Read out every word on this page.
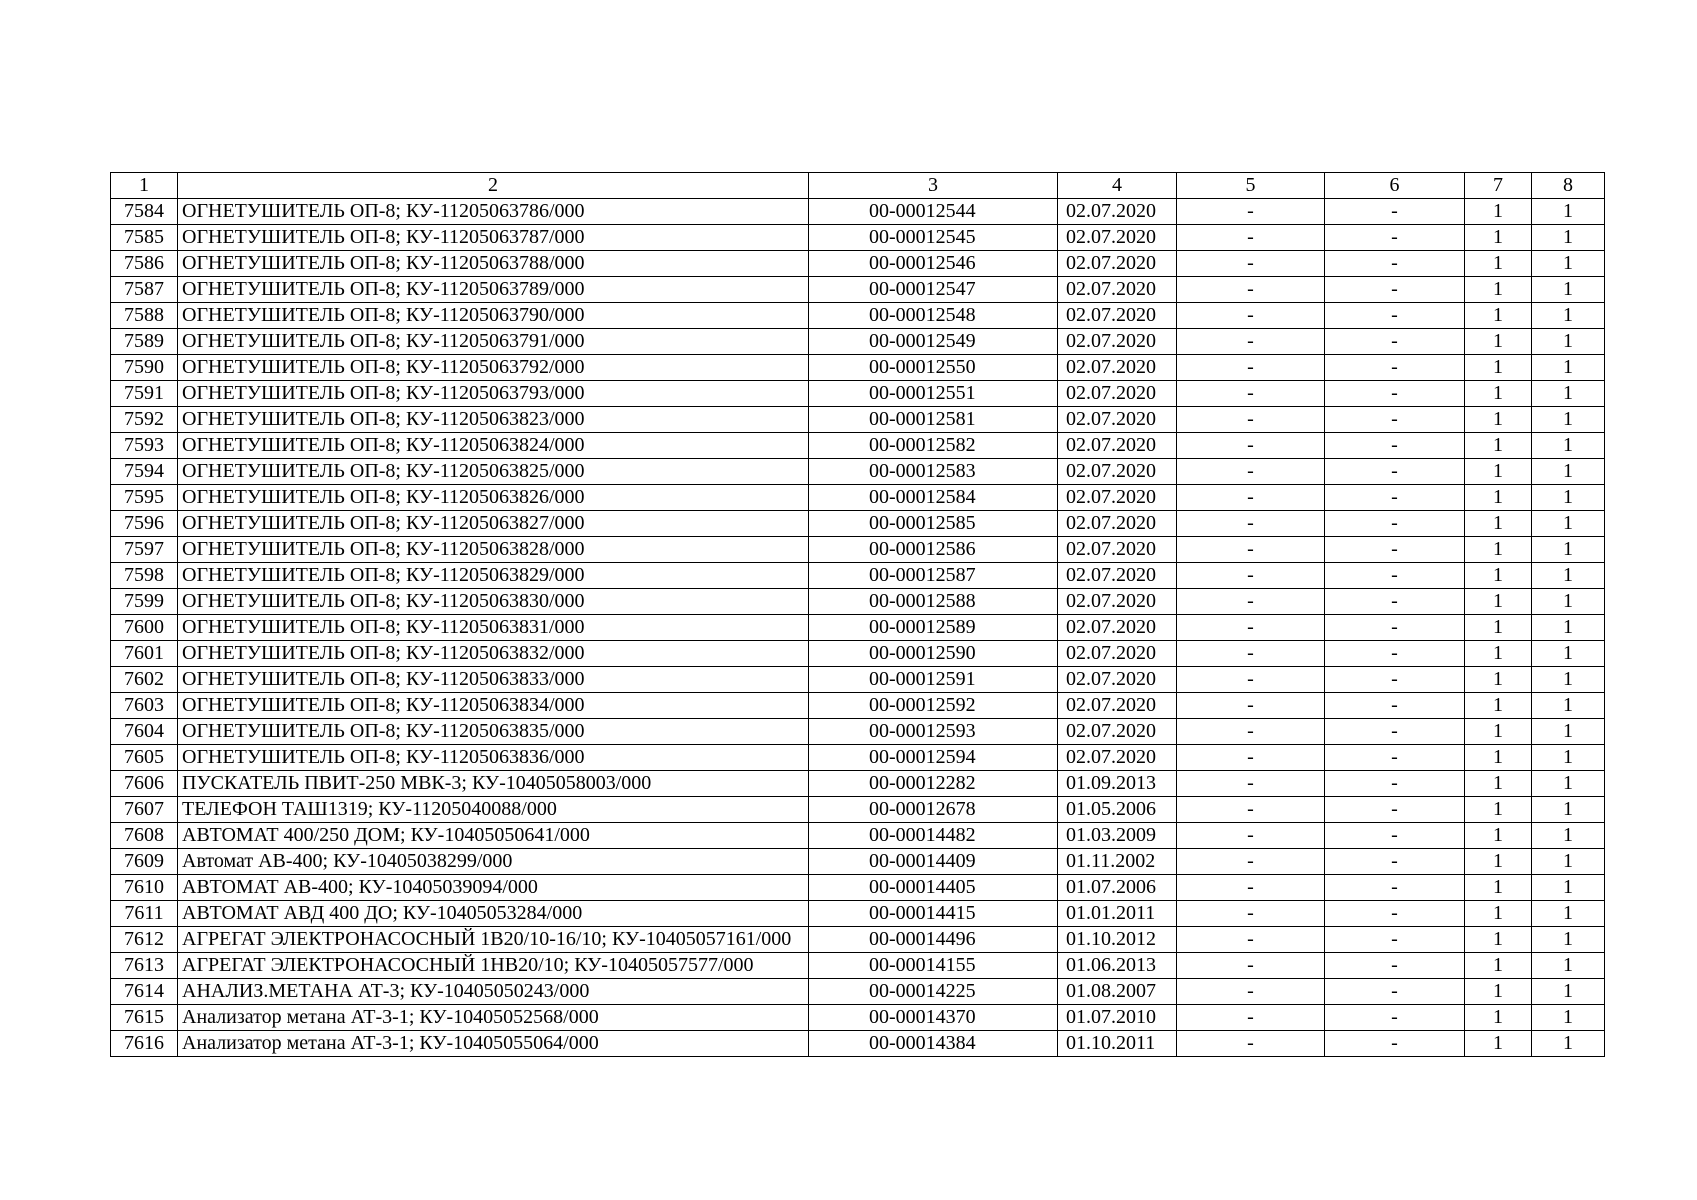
1	2	3	4	5	6	7	8
7584	ОГНЕТУШИТЕЛЬ ОП-8; КУ-11205063786/000	00-00012544	02.07.2020	-	-	1	1
7585	ОГНЕТУШИТЕЛЬ ОП-8; КУ-11205063787/000	00-00012545	02.07.2020	-	-	1	1
7586	ОГНЕТУШИТЕЛЬ ОП-8; КУ-11205063788/000	00-00012546	02.07.2020	-	-	1	1
7587	ОГНЕТУШИТЕЛЬ ОП-8; КУ-11205063789/000	00-00012547	02.07.2020	-	-	1	1
7588	ОГНЕТУШИТЕЛЬ ОП-8; КУ-11205063790/000	00-00012548	02.07.2020	-	-	1	1
7589	ОГНЕТУШИТЕЛЬ ОП-8; КУ-11205063791/000	00-00012549	02.07.2020	-	-	1	1
7590	ОГНЕТУШИТЕЛЬ ОП-8; КУ-11205063792/000	00-00012550	02.07.2020	-	-	1	1
7591	ОГНЕТУШИТЕЛЬ ОП-8; КУ-11205063793/000	00-00012551	02.07.2020	-	-	1	1
7592	ОГНЕТУШИТЕЛЬ ОП-8; КУ-11205063823/000	00-00012581	02.07.2020	-	-	1	1
7593	ОГНЕТУШИТЕЛЬ ОП-8; КУ-11205063824/000	00-00012582	02.07.2020	-	-	1	1
7594	ОГНЕТУШИТЕЛЬ ОП-8; КУ-11205063825/000	00-00012583	02.07.2020	-	-	1	1
7595	ОГНЕТУШИТЕЛЬ ОП-8; КУ-11205063826/000	00-00012584	02.07.2020	-	-	1	1
7596	ОГНЕТУШИТЕЛЬ ОП-8; КУ-11205063827/000	00-00012585	02.07.2020	-	-	1	1
7597	ОГНЕТУШИТЕЛЬ ОП-8; КУ-11205063828/000	00-00012586	02.07.2020	-	-	1	1
7598	ОГНЕТУШИТЕЛЬ ОП-8; КУ-11205063829/000	00-00012587	02.07.2020	-	-	1	1
7599	ОГНЕТУШИТЕЛЬ ОП-8; КУ-11205063830/000	00-00012588	02.07.2020	-	-	1	1
7600	ОГНЕТУШИТЕЛЬ ОП-8; КУ-11205063831/000	00-00012589	02.07.2020	-	-	1	1
7601	ОГНЕТУШИТЕЛЬ ОП-8; КУ-11205063832/000	00-00012590	02.07.2020	-	-	1	1
7602	ОГНЕТУШИТЕЛЬ ОП-8; КУ-11205063833/000	00-00012591	02.07.2020	-	-	1	1
7603	ОГНЕТУШИТЕЛЬ ОП-8; КУ-11205063834/000	00-00012592	02.07.2020	-	-	1	1
7604	ОГНЕТУШИТЕЛЬ ОП-8; КУ-11205063835/000	00-00012593	02.07.2020	-	-	1	1
7605	ОГНЕТУШИТЕЛЬ ОП-8; КУ-11205063836/000	00-00012594	02.07.2020	-	-	1	1
7606	ПУСКАТЕЛЬ ПВИТ-250 МВК-3; КУ-10405058003/000	00-00012282	01.09.2013	-	-	1	1
7607	ТЕЛЕФОН ТАШ1319; КУ-11205040088/000	00-00012678	01.05.2006	-	-	1	1
7608	АВТОМАТ 400/250 ДОМ; КУ-10405050641/000	00-00014482	01.03.2009	-	-	1	1
7609	Автомат АВ-400; КУ-10405038299/000	00-00014409	01.11.2002	-	-	1	1
7610	АВТОМАТ АВ-400; КУ-10405039094/000	00-00014405	01.07.2006	-	-	1	1
7611	АВТОМАТ АВД 400 ДО; КУ-10405053284/000	00-00014415	01.01.2011	-	-	1	1
7612	АГРЕГАТ ЭЛЕКТРОНАСОСНЫЙ 1В20/10-16/10; КУ-10405057161/000	00-00014496	01.10.2012	-	-	1	1
7613	АГРЕГАТ ЭЛЕКТРОНАСОСНЫЙ 1НВ20/10; КУ-10405057577/000	00-00014155	01.06.2013	-	-	1	1
7614	АНАЛИЗ.МЕТАНА АТ-3; КУ-10405050243/000	00-00014225	01.08.2007	-	-	1	1
7615	Анализатор метана АТ-3-1; КУ-10405052568/000	00-00014370	01.07.2010	-	-	1	1
7616	Анализатор метана АТ-3-1; КУ-10405055064/000	00-00014384	01.10.2011	-	-	1	1
